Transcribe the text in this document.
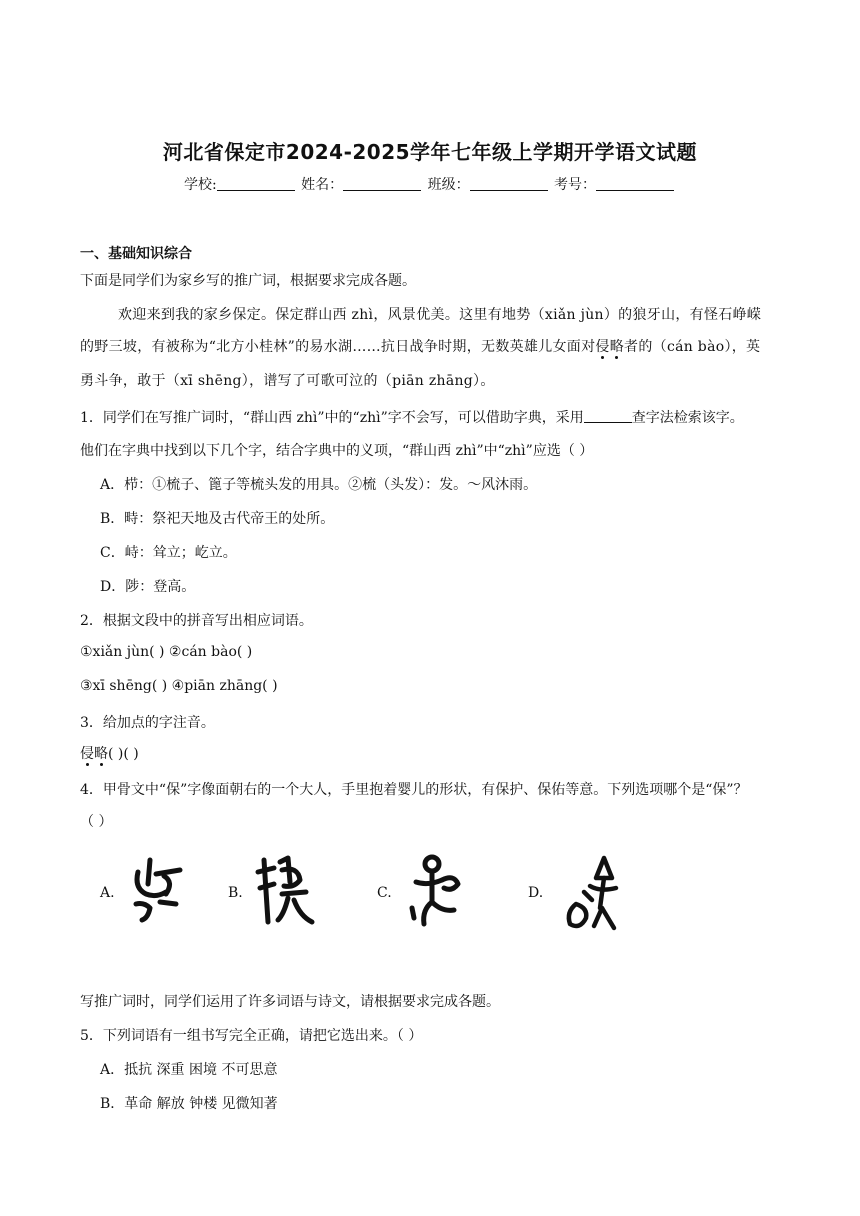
河北省保定市2024-2025学年七年级上学期开学语文试题
学校:	姓名：	班级：	考号：
一、基础知识综合
下面是同学们为家乡写的推广词，根据要求完成各题。
欢迎来到我的家乡保定。保定群山西 zhì，风景优美。这里有地势（xiǎn jùn）的狼牙山，有怪石峥嵘
的野三坡，有被称为“北方小桂林”的易水湖……抗日战争时期，无数英雄儿女面对侵略者的（cán bào），英
勇斗争，敢于（xī shēng），谱写了可歌可泣的（piān zhāng）。
1．同学们在写推广词时，“群山西 zhì”中的“zhì”字不会写，可以借助字典，采用	查字法检索该字。
他们在字典中找到以下几个字，结合字典中的义项，“群山西 zhì”中“zhì”应选（ ）
A．栉：①梳子、篦子等梳头发的用具。②梳（头发）：发。～风沐雨。
B．畤：祭祀天地及古代帝王的处所。
C．峙：耸立；屹立。
D．陟：登高。
2．根据文段中的拼音写出相应词语。
①xiǎn jùn( ) ②cán bào( )
③xī shēng( ) ④piān zhāng( )
3．给加点的字注音。
侵略( )( )
4．甲骨文中“保”字像面朝右的一个大人，手里抱着婴儿的形状，有保护、保佑等意。下列选项哪个是“保”？
（ ）
A.	B.	C.	D.
写推广词时，同学们运用了许多词语与诗文，请根据要求完成各题。
5．下列词语有一组书写完全正确，请把它选出来。（ ）
A．抵抗 深重 困境 不可思意
B．革命 解放 钟楼 见微知著
